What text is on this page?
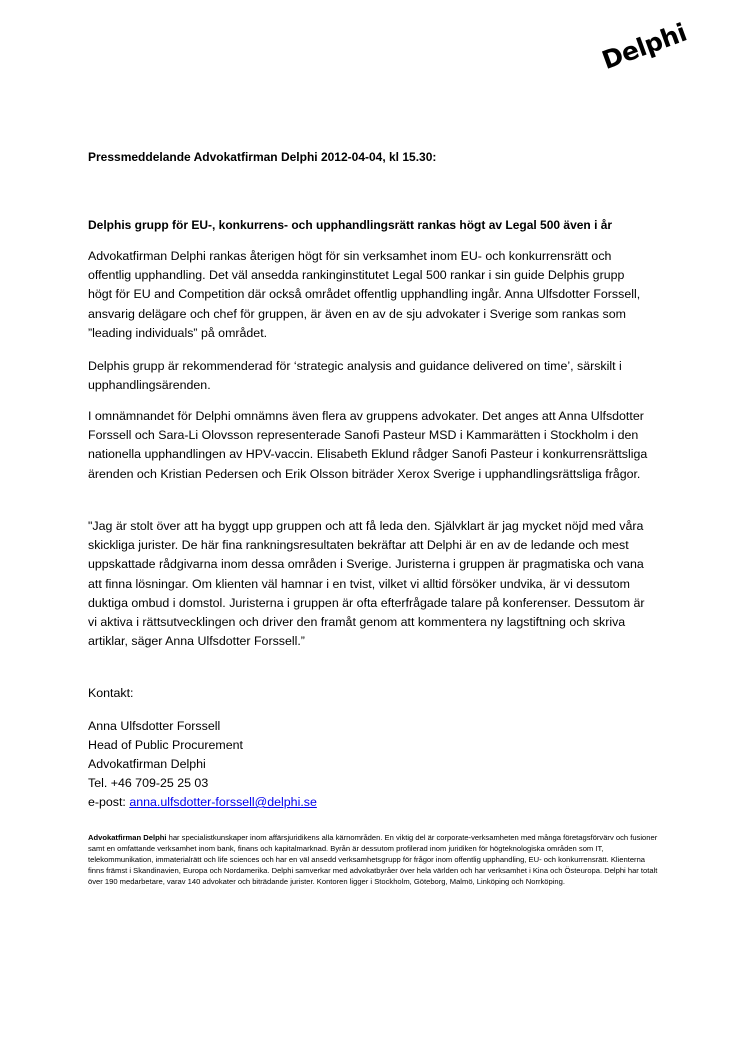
Delphi
Pressmeddelande Advokatfirman Delphi 2012-04-04, kl 15.30:
Delphis grupp för EU-, konkurrens- och upphandlingsrätt rankas högt av Legal 500 även i år
Advokatfirman Delphi rankas återigen högt för sin verksamhet inom EU- och konkurrensrätt och offentlig upphandling. Det väl ansedda rankinginstitutet Legal 500 rankar i sin guide Delphis grupp högt för EU and Competition där också området offentlig upphandling ingår. Anna Ulfsdotter Forssell, ansvarig delägare och chef för gruppen, är även en av de sju advokater i Sverige som rankas som ”leading individuals” på området.
Delphis grupp är rekommenderad för ‘strategic analysis and guidance delivered on time’, särskilt i upphandlingsärenden.
I omnämnandet för Delphi omnämns även flera av gruppens advokater. Det anges att Anna Ulfsdotter Forssell och Sara-Li Olovsson representerade Sanofi Pasteur MSD i Kammarätten i Stockholm i den nationella upphandlingen av HPV-vaccin. Elisabeth Eklund rådger Sanofi Pasteur i konkurrensrättsliga ärenden och Kristian Pedersen och Erik Olsson biträder Xerox Sverige i upphandlingsrättsliga frågor.
"Jag är stolt över att ha byggt upp gruppen och att få leda den. Självklart är jag mycket nöjd med våra skickliga jurister. De här fina rankningsresultaten bekräftar att Delphi är en av de ledande och mest uppskattade rådgivarna inom dessa områden i Sverige. Juristerna i gruppen är pragmatiska och vana att finna lösningar. Om klienten väl hamnar i en tvist, vilket vi alltid försöker undvika, är vi dessutom duktiga ombud i domstol. Juristerna i gruppen är ofta efterfrågade talare på konferenser. Dessutom är vi aktiva i rättsutvecklingen och driver den framåt genom att kommentera ny lagstiftning och skriva artiklar, säger Anna Ulfsdotter Forssell.”
Kontakt:
Anna Ulfsdotter Forssell
Head of Public Procurement
Advokatfirman Delphi
Tel. +46 709-25 25 03
e-post: anna.ulfsdotter-forssell@delphi.se
Advokatfirman Delphi har specialistkunskaper inom affärsjuridikens alla kärnområden. En viktig del är corporate-verksamheten med många företagsförvärv och fusioner samt en omfattande verksamhet inom bank, finans och kapitalmarknad. Byrån är dessutom profilerad inom juridiken för högteknologiska områden som IT, telekommunikation, immaterialrätt och life sciences och har en väl ansedd verksamhetsgrupp för frågor inom offentlig upphandling, EU- och konkurrensrätt. Klienterna finns främst i Skandinavien, Europa och Nordamerika. Delphi samverkar med advokatbyråer över hela världen och har verksamhet i Kina och Östeuropa. Delphi har totalt över 190 medarbetare, varav 140 advokater och biträdande jurister. Kontoren ligger i Stockholm, Göteborg, Malmö, Linköping och Norrköping.
